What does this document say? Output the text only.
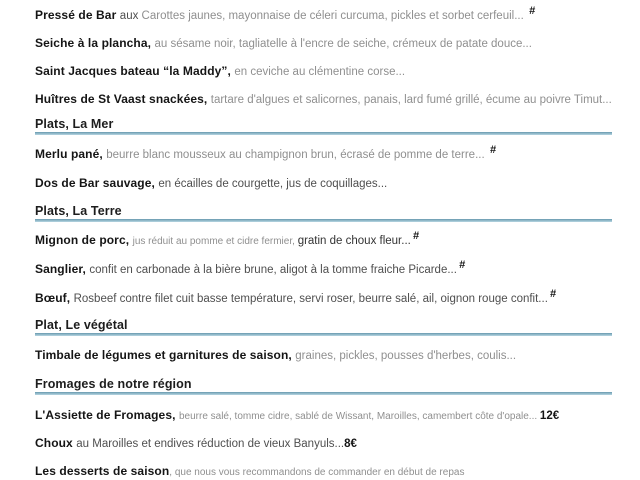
Pressé de Bar aux Carottes jaunes, mayonnaise de céleri curcuma, pickles et sorbet cerfeuil... #
Seiche à la plancha, au sésame noir, tagliatelle à l'encre de seiche, crémeux de patate douce...
Saint Jacques bateau “la Maddy”, en ceviche au clémentine corse...
Huîtres de St Vaast snackées, tartare d'algues et salicornes, panais, lard fumé grillé, écume au poivre Timut...
Plats, La Mer
Merlu pané, beurre blanc mousseux au champignon brun, écrasé de pomme de terre... #
Dos de Bar sauvage, en écailles de courgette, jus de coquillages...
Plats, La Terre
Mignon de porc, jus réduit au pomme et cidre fermier, gratin de choux fleur... #
Sanglier, confit en carbonade à la bière brune, aligot à la tomme fraiche Picarde... #
Bœuf, Rosbeef contre filet cuit basse température, servi roser, beurre salé, ail, oignon rouge confit... #
Plat, Le végétal
Timbale de légumes et garnitures de saison, graines, pickles, pousses d'herbes, coulis...
Fromages de notre région
L'Assiette de Fromages, beurre salé, tomme cidre, sablé de Wissant, Maroilles, camembert côte d'opale... 12€
Choux au Maroilles et endives réduction de vieux Banyuls...8€
Les desserts de saison, que nous vous recommandons de commander en début de repas
